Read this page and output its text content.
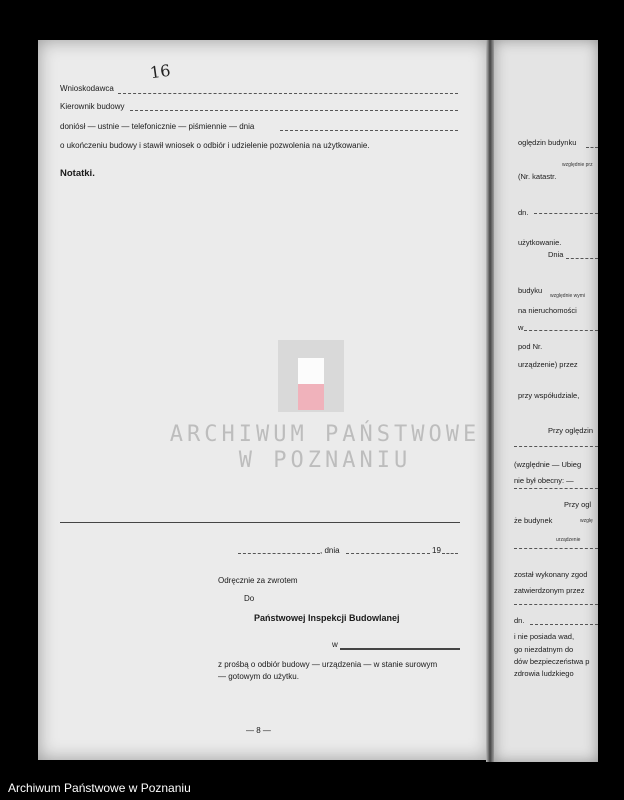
Wnioskodawca
16
Kierownik budowy
doniósł — ustnie — telefonicznie — piśmiennie — dnia
o ukończeniu budowy i stawił wniosek o odbiór i udzielenie pozwolenia na użytkowanie.
Notatki.
, dnia	19
Odręcznie za zwrotem
Do
Państwowej Inspekcji Budowlanej
w
z prośbą o odbiór budowy — urządzenia — w stanie surowym
— gotowym do użytku.
— 8 —
oględzin budynku
względnie prz
(Nr. katastr.
dn.
użytkowanie.
Dnia
budyku
względnie wymi
na nieruchomości
w
pod Nr.
urządzenie) przez
przy współudziale,
Przy oględzin
(względnie — Ubieg
nie był obecny: —
Przy ogl
że budynek	wzglę
urządzenie
został wykonany zgod
zatwierdzonym przez
dn.
i nie posiada wad,
go niezdatnym do
dów bezpieczeństwa p
zdrowia ludzkiego
ARCHIWUM PAŃSTWOWE
W POZNANIU
Archiwum Państwowe w Poznaniu
